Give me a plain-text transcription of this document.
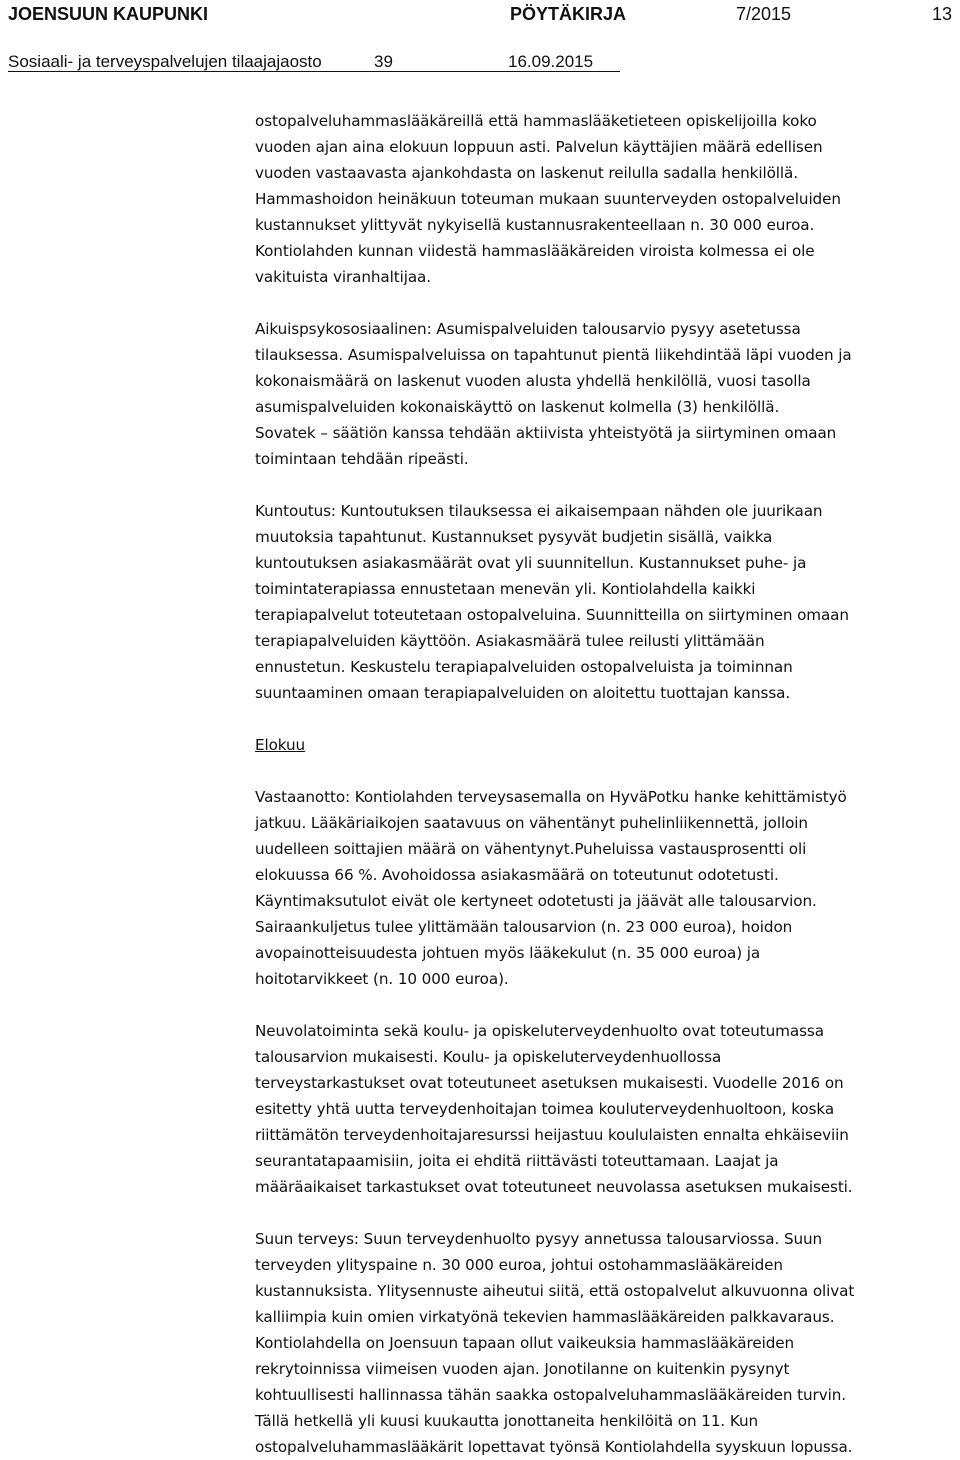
JOENSUUN KAUPUNKI	PÖYTÄKIRJA	7/2015	13
Sosiaali- ja terveyspalvelujen tilaajajaosto	39	16.09.2015

ostopalveluhammaslääkäreillä että hammaslääketieteen opiskelijoilla koko
vuoden ajan aina elokuun loppuun asti. Palvelun käyttäjien määrä edellisen
vuoden vastaavasta ajankohdasta on laskenut reilulla sadalla henkilöllä.
Hammashoidon heinäkuun toteuman mukaan suunterveyden ostopalveluiden
kustannukset ylittyvät nykyisellä kustannusrakenteellaan n. 30 000 euroa.
Kontiolahden kunnan viidestä hammaslääkäreiden viroista kolmessa ei ole
vakituista viranhaltijaa.

Aikuispsykososiaalinen: Asumispalveluiden talousarvio pysyy asetetussa
tilauksessa. Asumispalveluissa on tapahtunut pientä liikehdintää läpi vuoden ja
kokonaismäärä on laskenut vuoden alusta yhdellä henkilöllä, vuosi tasolla
asumispalveluiden kokonaiskäyttö on laskenut kolmella (3) henkilöllä.
Sovatek – säätiön kanssa tehdään aktiivista yhteistyötä ja siirtyminen omaan
toimintaan tehdään ripeästi.

Kuntoutus: Kuntoutuksen tilauksessa ei aikaisempaan nähden ole juurikaan
muutoksia tapahtunut. Kustannukset pysyvät budjetin sisällä, vaikka
kuntoutuksen asiakasmäärät ovat yli suunnitellun. Kustannukset puhe- ja
toimintaterapiassa ennustetaan menevän yli. Kontiolahdella kaikki
terapiapalvelut toteutetaan ostopalveluina. Suunnitteilla on siirtyminen omaan
terapiapalveluiden käyttöön. Asiakasmäärä tulee reilusti ylittämään
ennustetun. Keskustelu terapiapalveluiden ostopalveluista ja toiminnan
suuntaaminen omaan terapiapalveluiden on aloitettu tuottajan kanssa.

Elokuu

Vastaanotto: Kontiolahden terveysasemalla on HyväPotku hanke kehittämistyö
jatkuu. Lääkäriaikojen saatavuus on vähentänyt puhelinliikennettä, jolloin
uudelleen soittajien määrä on vähentynyt.Puheluissa vastausprosentti oli
elokuussa 66 %. Avohoidossa asiakasmäärä on toteutunut odotetusti.
Käyntimaksutulot eivät ole kertyneet odotetusti ja jäävät alle talousarvion.
Sairaankuljetus tulee ylittämään talousarvion (n. 23 000 euroa), hoidon
avopainotteisuudesta johtuen myös lääkekulut (n. 35 000 euroa) ja
hoitotarvikkeet (n. 10 000 euroa).

Neuvolatoiminta sekä koulu- ja opiskeluterveydenhuolto ovat toteutumassa
talousarvion mukaisesti. Koulu- ja opiskeluterveydenhuollossa
terveystarkastukset ovat toteutuneet asetuksen mukaisesti. Vuodelle 2016 on
esitetty yhtä uutta terveydenhoitajan toimea kouluterveydenhuoltoon, koska
riittämätön terveydenhoitajaresurssi heijastuu koululaisten ennalta ehkäiseviin
seurantatapaamisiin, joita ei ehditä riittävästi toteuttamaan. Laajat ja
määräaikaiset tarkastukset ovat toteutuneet neuvolassa asetuksen mukaisesti.

Suun terveys: Suun terveydenhuolto pysyy annetussa talousarviossa. Suun
terveyden ylityspaine n. 30 000 euroa, johtui ostohammaslääkäreiden
kustannuksista. Ylitysennuste aiheutui siitä, että ostopalvelut alkuvuonna olivat
kalliimpia kuin omien virkatyönä tekevien hammaslääkäreiden palkkavaraus.
Kontiolahdella on Joensuun tapaan ollut vaikeuksia hammaslääkäreiden
rekrytoinnissa viimeisen vuoden ajan. Jonotilanne on kuitenkin pysynyt
kohtuullisesti hallinnassa tähän saakka ostopalveluhammaslääkäreiden turvin.
Tällä hetkellä yli kuusi kuukautta jonottaneita henkilöitä on 11. Kun
ostopalveluhammaslääkärit lopettavat työnsä Kontiolahdella syyskuun lopussa.
